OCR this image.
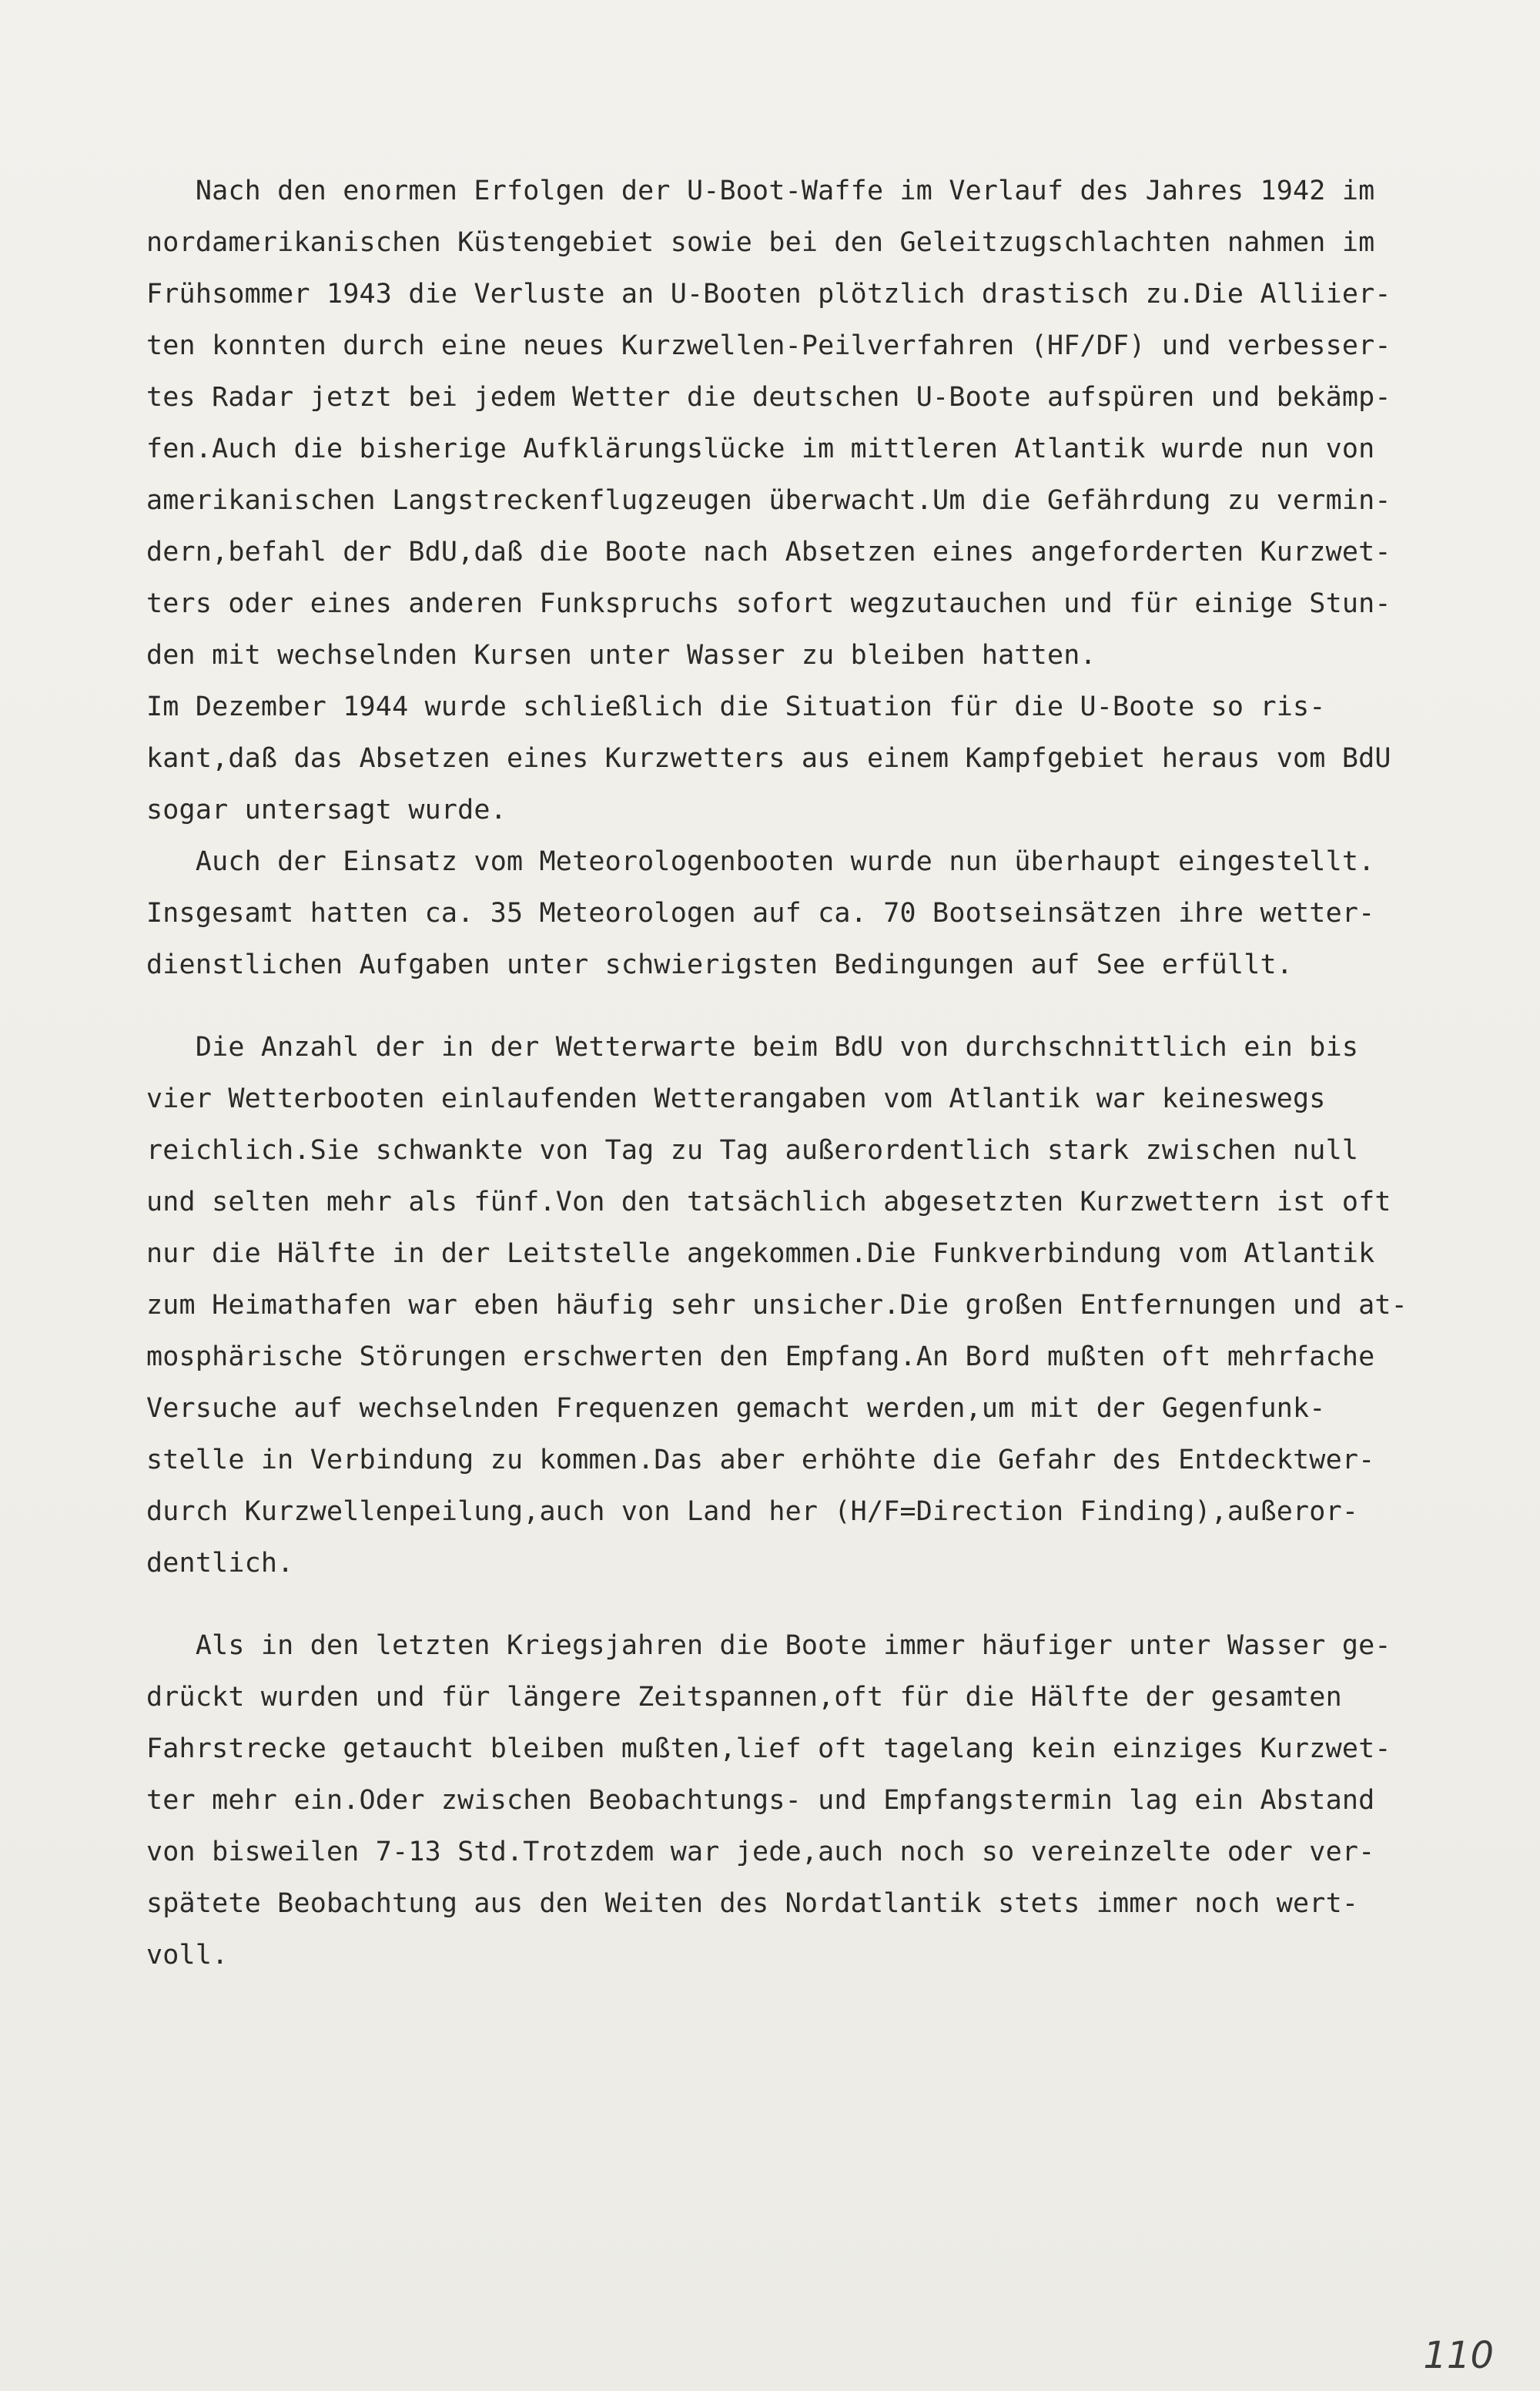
Nach den enormen Erfolgen der U-Boot-Waffe im Verlauf des Jahres 1942 im
nordamerikanischen Küstengebiet sowie bei den Geleitzugschlachten nahmen im
Frühsommer 1943 die Verluste an U-Booten plötzlich drastisch zu.Die Alliier-
ten konnten durch eine neues Kurzwellen-Peilverfahren (HF/DF) und verbesser-
tes Radar jetzt bei jedem Wetter die deutschen U-Boote aufspüren und bekämp-
fen.Auch die bisherige Aufklärungslücke im mittleren Atlantik wurde nun von
amerikanischen Langstreckenflugzeugen überwacht.Um die Gefährdung zu vermin-
dern,befahl der BdU,daß die Boote nach Absetzen eines angeforderten Kurzwet-
ters oder eines anderen Funkspruchs sofort wegzutauchen und für einige Stun-
den mit wechselnden Kursen unter Wasser zu bleiben hatten.
Im Dezember 1944 wurde schließlich die Situation für die U-Boote so ris-
kant,daß das Absetzen eines Kurzwetters aus einem Kampfgebiet heraus vom BdU
sogar untersagt wurde.
Auch der Einsatz vom Meteorologenbooten wurde nun überhaupt eingestellt.
Insgesamt hatten ca. 35 Meteorologen auf ca. 70 Bootseinsätzen ihre wetter-
dienstlichen Aufgaben unter schwierigsten Bedingungen auf See erfüllt.
Die Anzahl der in der Wetterwarte beim BdU von durchschnittlich ein bis
vier Wetterbooten einlaufenden Wetterangaben vom Atlantik war keineswegs
reichlich.Sie schwankte von Tag zu Tag außerordentlich stark zwischen null
und selten mehr als fünf.Von den tatsächlich abgesetzten Kurzwettern ist oft
nur die Hälfte in der Leitstelle angekommen.Die Funkverbindung vom Atlantik
zum Heimathafen war eben häufig sehr unsicher.Die großen Entfernungen und at-
mosphärische Störungen erschwerten den Empfang.An Bord mußten oft mehrfache
Versuche auf wechselnden Frequenzen gemacht werden,um mit der Gegenfunk-
stelle in Verbindung zu kommen.Das aber erhöhte die Gefahr des Entdecktwer-
durch Kurzwellenpeilung,auch von Land her (H/F=Direction Finding),außeror-
dentlich.
Als in den letzten Kriegsjahren die Boote immer häufiger unter Wasser ge-
drückt wurden und für längere Zeitspannen,oft für die Hälfte der gesamten
Fahrstrecke getaucht bleiben mußten,lief oft tagelang kein einziges Kurzwet-
ter mehr ein.Oder zwischen Beobachtungs- und Empfangstermin lag ein Abstand
von bisweilen 7-13 Std.Trotzdem war jede,auch noch so vereinzelte oder ver-
spätete Beobachtung aus den Weiten des Nordatlantik stets immer noch wert-
voll.
110
